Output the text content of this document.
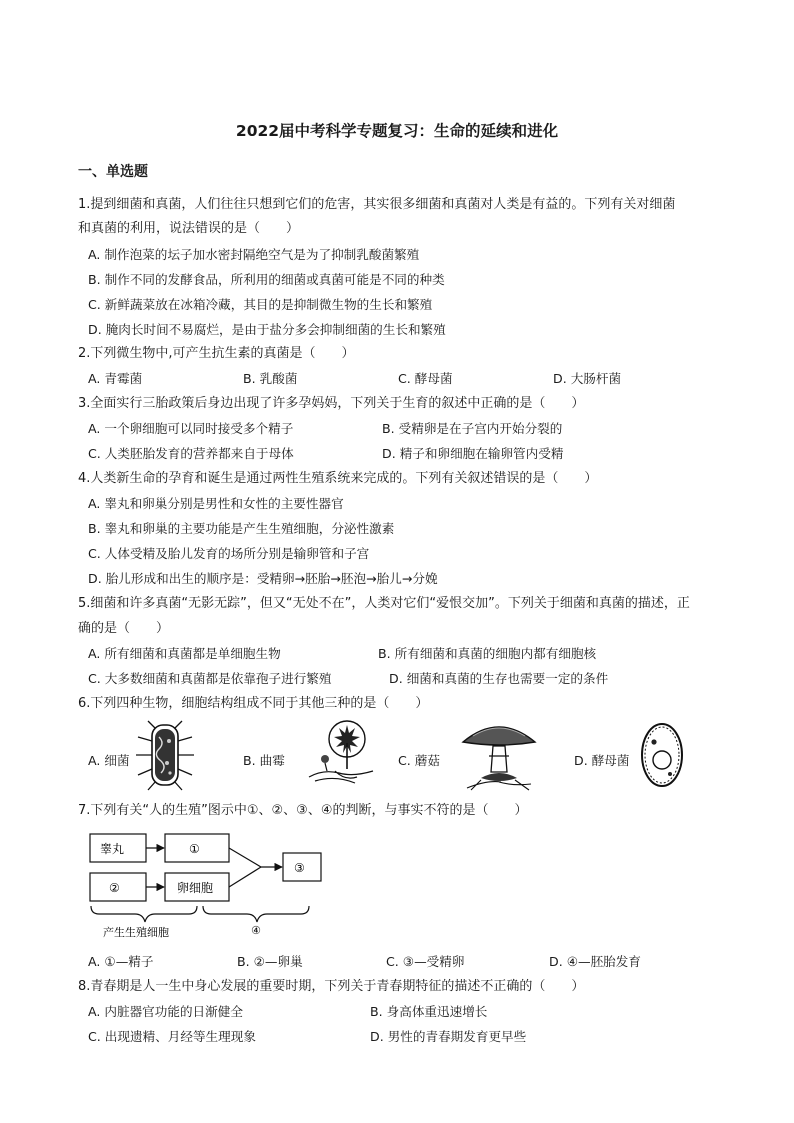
2022届中考科学专题复习：生命的延续和进化
一、单选题
1.提到细菌和真菌，人们往往只想到它们的危害，其实很多细菌和真菌对人类是有益的。下列有关对细菌
和真菌的利用，说法错误的是（　　）
A. 制作泡菜的坛子加水密封隔绝空气是为了抑制乳酸菌繁殖
B. 制作不同的发酵食品，所利用的细菌或真菌可能是不同的种类
C. 新鲜蔬菜放在冰箱冷藏，其目的是抑制微生物的生长和繁殖
D. 腌肉长时间不易腐烂，是由于盐分多会抑制细菌的生长和繁殖
2.下列微生物中,可产生抗生素的真菌是（　　）
A. 青霉菌	B. 乳酸菌	C. 酵母菌	D. 大肠杆菌
3.全面实行三胎政策后身边出现了许多孕妈妈，下列关于生育的叙述中正确的是（　　）
A. 一个卵细胞可以同时接受多个精子	B. 受精卵是在子宫内开始分裂的
C. 人类胚胎发育的营养都来自于母体	D. 精子和卵细胞在输卵管内受精
4.人类新生命的孕育和诞生是通过两性生殖系统来完成的。下列有关叙述错误的是（　　）
A. 睾丸和卵巢分别是男性和女性的主要性器官
B. 睾丸和卵巢的主要功能是产生生殖细胞，分泌性激素
C. 人体受精及胎儿发育的场所分别是输卵管和子宫
D. 胎儿形成和出生的顺序是：受精卵→胚胎→胚泡→胎儿→分娩
5.细菌和许多真菌“无影无踪”，但又“无处不在”，人类对它们“爱恨交加”。下列关于细菌和真菌的描述，正
确的是（　　）
A. 所有细菌和真菌都是单细胞生物	B. 所有细菌和真菌的细胞内都有细胞核
C. 大多数细菌和真菌都是依靠孢子进行繁殖	D. 细菌和真菌的生存也需要一定的条件
6.下列四种生物，细胞结构组成不同于其他三种的是（　　）
A. 细菌	B. 曲霉	C. 蘑菇	D. 酵母菌
7.下列有关“人的生殖”图示中①、②、③、④的判断，与事实不符的是（　　）
睾丸	①
②	卵细胞
③
产生生殖细胞	④
A. ①—精子	B. ②—卵巢	C. ③—受精卵	D. ④—胚胎发育
8.青春期是人一生中身心发展的重要时期，下列关于青春期特征的描述不正确的（　　）
A. 内脏器官功能的日渐健全	B. 身高体重迅速增长
C. 出现遗精、月经等生理现象	D. 男性的青春期发育更早些
